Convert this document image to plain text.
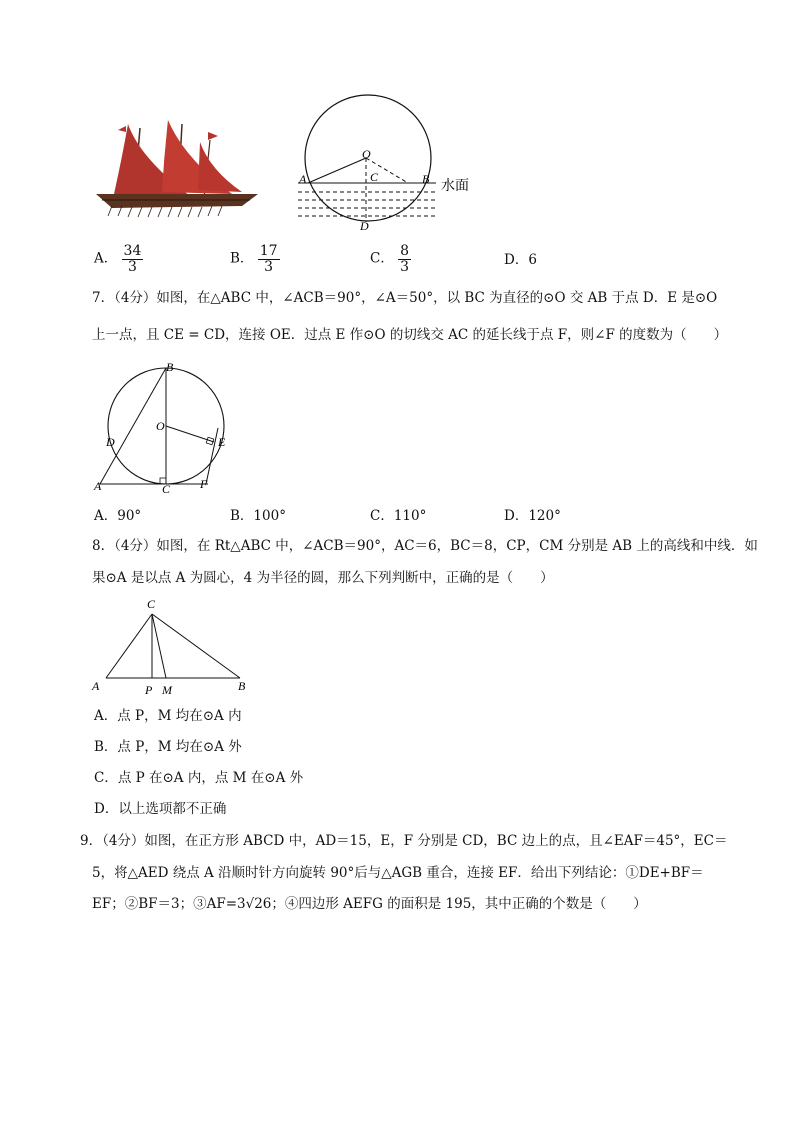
O
A	B
C
D
水面
A． $\frac{34}{3}$	B． $\frac{17}{3}$	C． $\frac{8}{3}$	D．6
7．（4分）如图，在△ABC 中，∠ACB＝90°，∠A＝50°，以 BC 为直径的⊙O 交 AB 于点 D．E 是⊙O
上一点，且 CE = CD，连接 OE．过点 E 作⊙O 的切线交 AC 的延长线于点 F，则∠F 的度数为（　　）
B
O
D	E
A	C F
A．90°	B．100°	C．110°	D．120°
8．（4分）如图，在 Rt△ABC 中，∠ACB＝90°，AC＝6，BC＝8，CP，CM 分别是 AB 上的高线和中线．如
果⊙A 是以点 A 为圆心，4 为半径的圆，那么下列判断中，正确的是（　　）
C
A	P M	B
A．点 P，M 均在⊙A 内
B．点 P，M 均在⊙A 外
C．点 P 在⊙A 内，点 M 在⊙A 外
D．以上选项都不正确
9．（4分）如图，在正方形 ABCD 中，AD＝15，E，F 分别是 CD，BC 边上的点，且∠EAF＝45°，EC＝
5，将△AED 绕点 A 沿顺时针方向旋转 90°后与△AGB 重合，连接 EF．给出下列结论：①DE+BF＝
EF；②BF＝3；③AF=3√26；④四边形 AEFG 的面积是 195，其中正确的个数是（　　）
